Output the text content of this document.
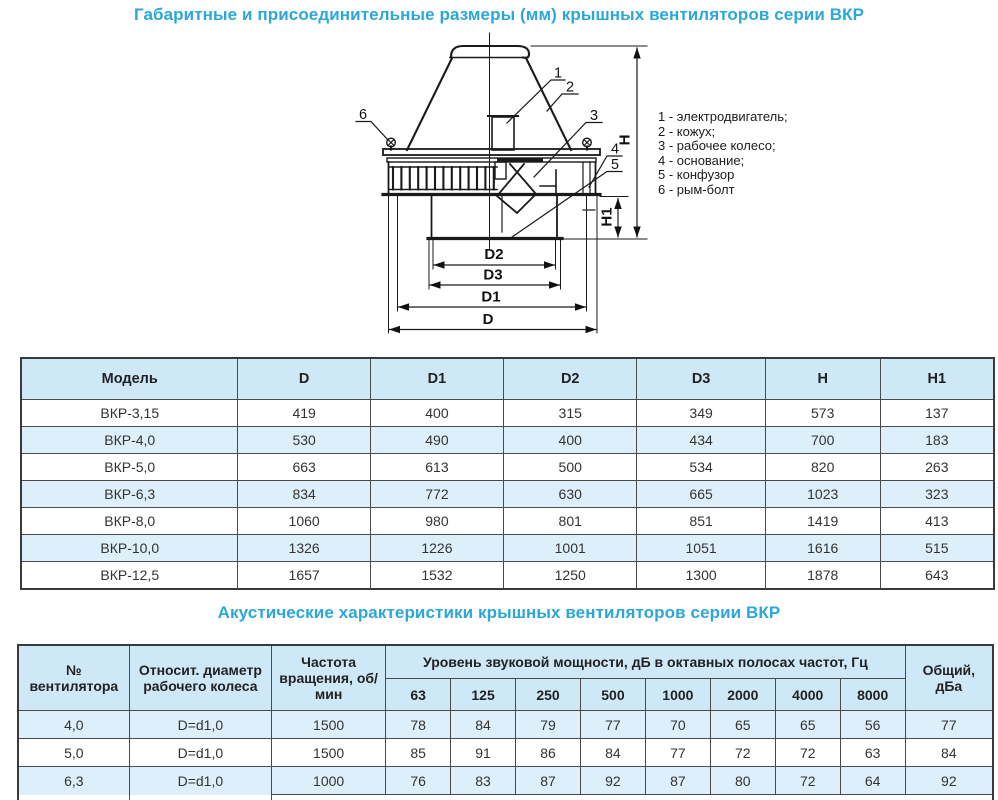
Габаритные и присоединительные размеры (мм) крышных вентиляторов серии ВКР
1
2
3
4
5
6
D2
D3
D1
D
H
H1
1 - электродвигатель;
2 - кожух;
3 - рабочее колесо;
4 - основание;
5 - конфузор
6 - рым-болт
Модель	D	D1	D2	D3	H	H1
ВКР-3,15	419	400	315	349	573	137
ВКР-4,0	530	490	400	434	700	183
ВКР-5,0	663	613	500	534	820	263
ВКР-6,3	834	772	630	665	1023	323
ВКР-8,0	1060	980	801	851	1419	413
ВКР-10,0	1326	1226	1001	1051	1616	515
ВКР-12,5	1657	1532	1250	1300	1878	643
Акустические характеристики крышных вентиляторов серии ВКР
№ вентилятора	Относит. диаметр рабочего колеса	Частота вращения, об/мин	Уровень звуковой мощности, дБ в октавных полосах частот, Гц								Общий, дБа
			63	125	250	500	1000	2000	4000	8000	
4,0	D=d1,0	1500	78	84	79	77	70	65	65	56	77
5,0	D=d1,0	1500	85	91	86	84	77	72	72	63	84
6,3	D=d1,0	1000	76	83	87	92	87	80	72	64	92
